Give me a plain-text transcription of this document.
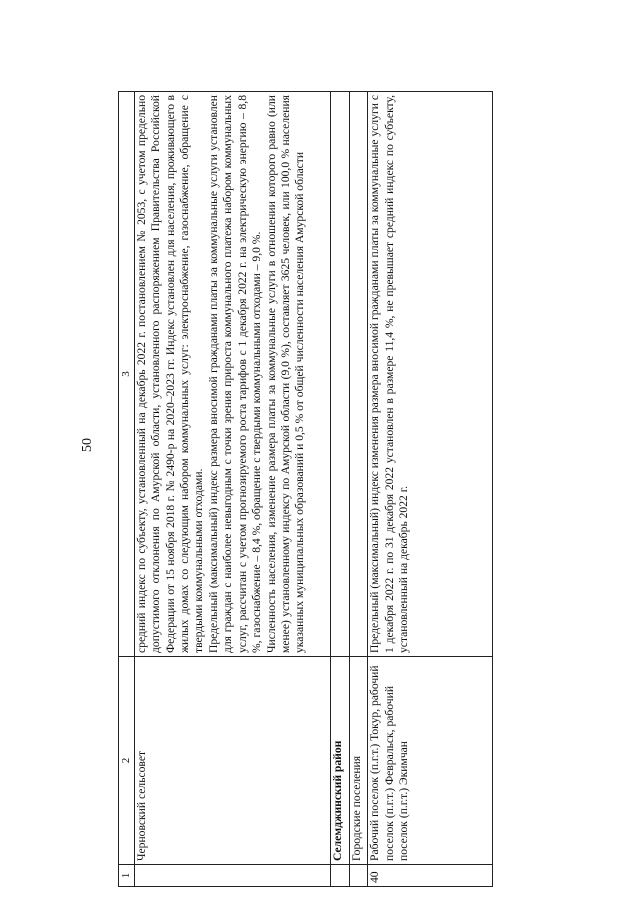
50
1	2	3
	Черновский сельсовет	средний индекс по субъекту, установленный на декабрь 2022 г. постановлением № 2053, с учетом предельно допустимого отклонения по Амурской области, установленного распоряжением Правительства Российской Федерации от 15 ноября 2018 г. № 2490-р на 2020–2023 гг. Индекс установлен для населения, проживающего в жилых домах со следующим набором коммунальных услуг: электроснабжение, газоснабжение, обращение с твердыми коммунальными отходами. Предельный (максимальный) индекс размера вносимой гражданами платы за коммунальные услуги установлен для граждан с наиболее невыгодным с точки зрения прироста коммунального платежа набором коммунальных услуг, рассчитан с учетом прогнозируемого роста тарифов с 1 декабря 2022 г. на электрическую энергию – 8,8 %, газоснабжение – 8,4 %, обращение с твердыми коммунальными отходами – 9,0 %. Численность населения, изменение размера платы за коммунальные услуги в отношении которого равно (или менее) установленному индексу по Амурской области (9,0 %), составляет 3625 человек, или 100,0 % населения указанных муниципальных образований и 0,5 % от общей численности населения Амурской области

	Селемджинский район	
	Городские поселения	
40	Рабочий поселок (п.г.т.) Токур, рабочий поселок (п.г.т.) Февральск, рабочий поселок (п.г.т.) Экимчан	Предельный (максимальный) индекс изменения размера вносимой гражданами платы за коммунальные услуги с 1 декабря 2022 г. по 31 декабря 2022 установлен в размере 11,4 %, не превышает средний индекс по субъекту, установленный на декабрь 2022 г.
